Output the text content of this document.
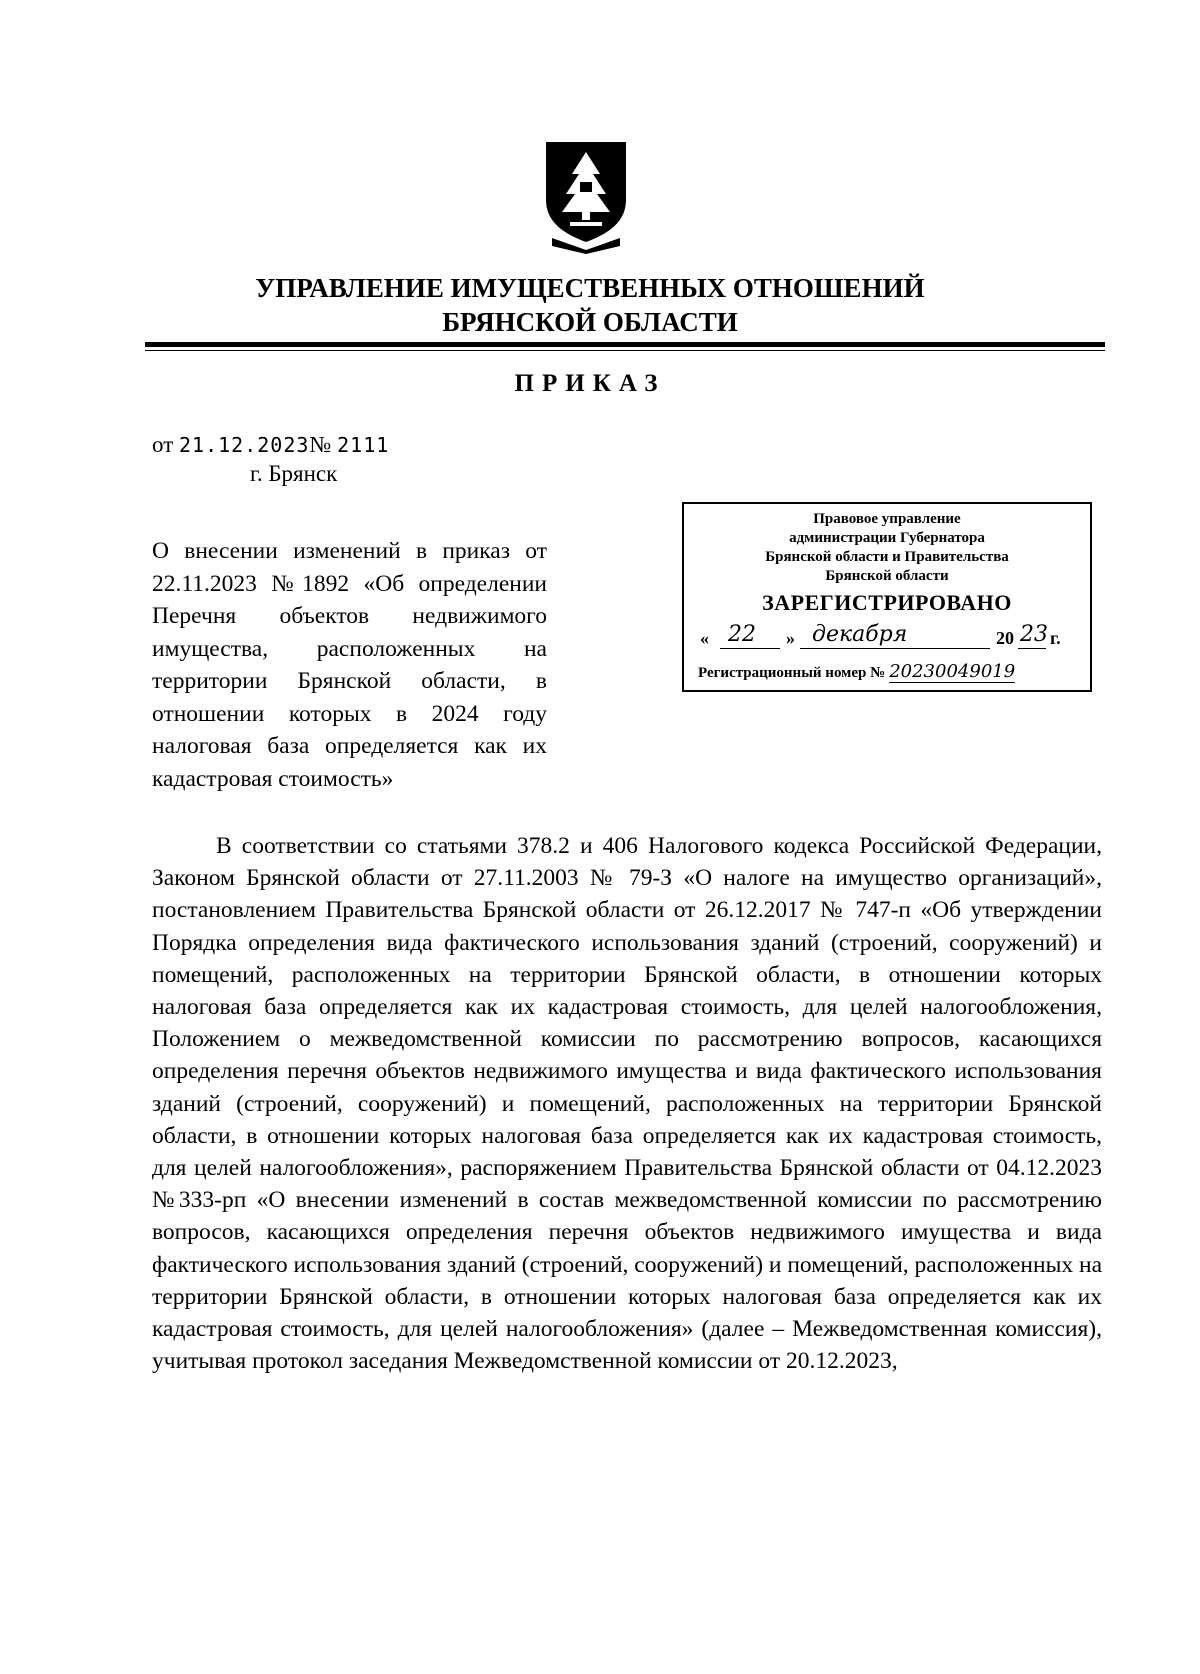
УПРАВЛЕНИЕ ИМУЩЕСТВЕННЫХ ОТНОШЕНИЙ
БРЯНСКОЙ ОБЛАСТИ
ПРИКАЗ
от 21.12.2023№ 2111
г. Брянск
О внесении изменений в приказ от 22.11.2023 №1892 «Об определении Перечня объектов недвижимого имущества, расположенных на территории Брянской области, в отношении которых в 2024 году налоговая база определяется как их кадастровая стоимость»
Правовое управление
администрации Губернатора
Брянской области и Правительства
Брянской области
ЗАРЕГИСТРИРОВАНО
« 22 » декабря	20 23 г.
Регистрационный номер № 20230049019

В соответствии со статьями 378.2 и 406 Налогового кодекса Российской Федерации, Законом Брянской области от 27.11.2003 № 79-З «О налоге на имущество организаций», постановлением Правительства Брянской области от 26.12.2017 № 747-п «Об утверждении Порядка определения вида фактического использования зданий (строений, сооружений) и помещений, расположенных на территории Брянской области, в отношении которых налоговая база определяется как их кадастровая стоимость, для целей налогообложения, Положением о межведомственной комиссии по рассмотрению вопросов, касающихся определения перечня объектов недвижимого имущества и вида фактического использования зданий (строений, сооружений) и помещений, расположенных на территории Брянской области, в отношении которых налоговая база определяется как их кадастровая стоимость, для целей налогообложения», распоряжением Правительства Брянской области от 04.12.2023 №333-рп «О внесении изменений в состав межведомственной комиссии по рассмотрению вопросов, касающихся определения перечня объектов недвижимого имущества и вида фактического использования зданий (строений, сооружений) и помещений, расположенных на территории Брянской области, в отношении которых налоговая база определяется как их кадастровая стоимость, для целей налогообложения» (далее – Межведомственная комиссия), учитывая протокол заседания Межведомственной комиссии от 20.12.2023,
